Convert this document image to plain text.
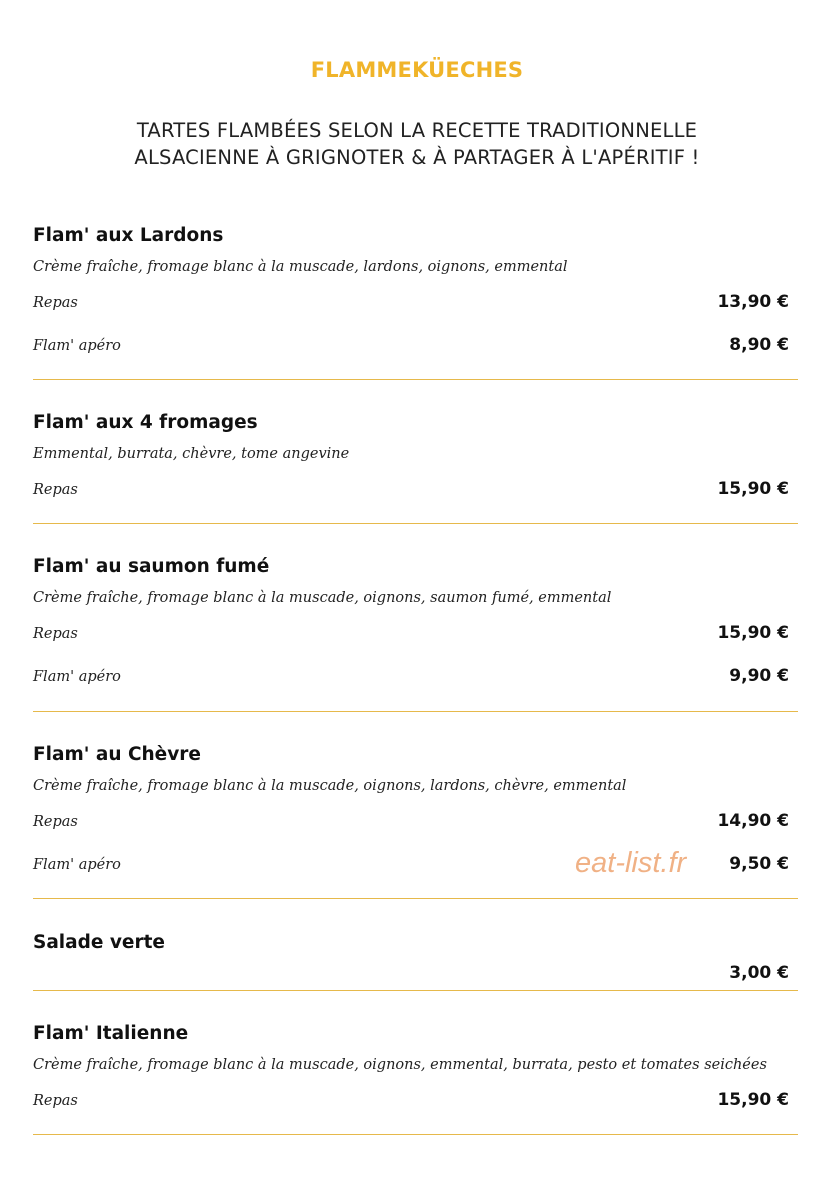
FLAMMEKÜECHES
TARTES FLAMBÉES SELON LA RECETTE TRADITIONNELLE
ALSACIENNE À GRIGNOTER & À PARTAGER À L'APÉRITIF !
Flam' aux Lardons
Crème fraîche, fromage blanc à la muscade, lardons, oignons, emmental
Repas	13,90 €
Flam' apéro	8,90 €
Flam' aux 4 fromages
Emmental, burrata, chèvre, tome angevine
Repas	15,90 €
Flam' au saumon fumé
Crème fraîche, fromage blanc à la muscade, oignons, saumon fumé, emmental
Repas	15,90 €
Flam' apéro	9,90 €
Flam' au Chèvre
Crème fraîche, fromage blanc à la muscade, oignons, lardons, chèvre, emmental
Repas	14,90 €
Flam' apéro	9,50 €
Salade verte
3,00 €
Flam' Italienne
Crème fraîche, fromage blanc à la muscade, oignons, emmental, burrata, pesto et tomates seichées
Repas	15,90 €
eat-list.fr
